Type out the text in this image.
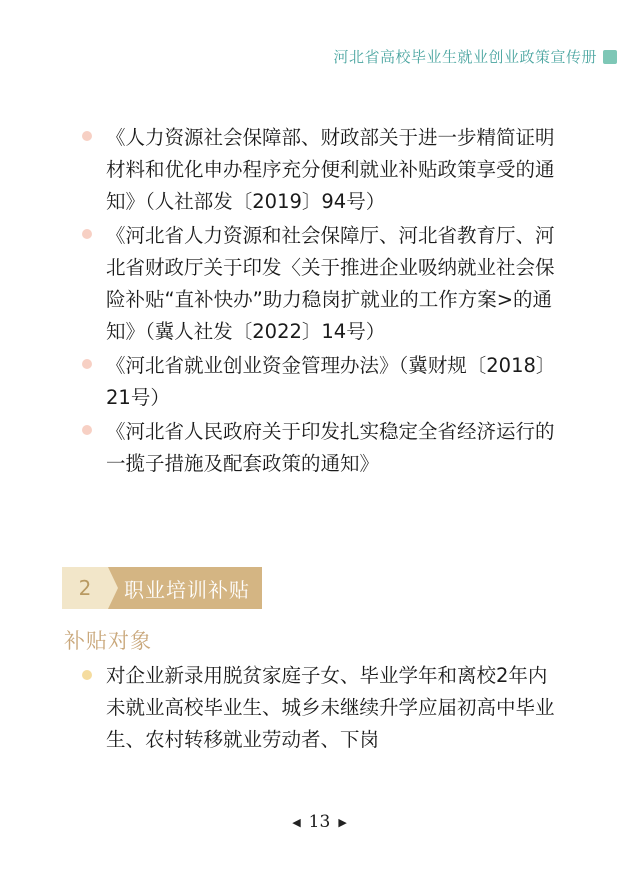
河北省高校毕业生就业创业政策宣传册
《人力资源社会保障部、财政部关于进一步精简证明材料和优化申办程序充分便利就业补贴政策享受的通知》（人社部发〔2019〕94号）
《河北省人力资源和社会保障厅、河北省教育厅、河北省财政厅关于印发〈关于推进企业吸纳就业社会保险补贴“直补快办”助力稳岗扩就业的工作方案>的通知》（冀人社发〔2022〕14号）
《河北省就业创业资金管理办法》（冀财规〔2018〕21号）
《河北省人民政府关于印发扎实稳定全省经济运行的一揽子措施及配套政策的通知》
2	职业培训补贴
补贴对象
对企业新录用脱贫家庭子女、毕业学年和离校2年内未就业高校毕业生、城乡未继续升学应届初高中毕业生、农村转移就业劳动者、下岗
◀ 13 ▶
